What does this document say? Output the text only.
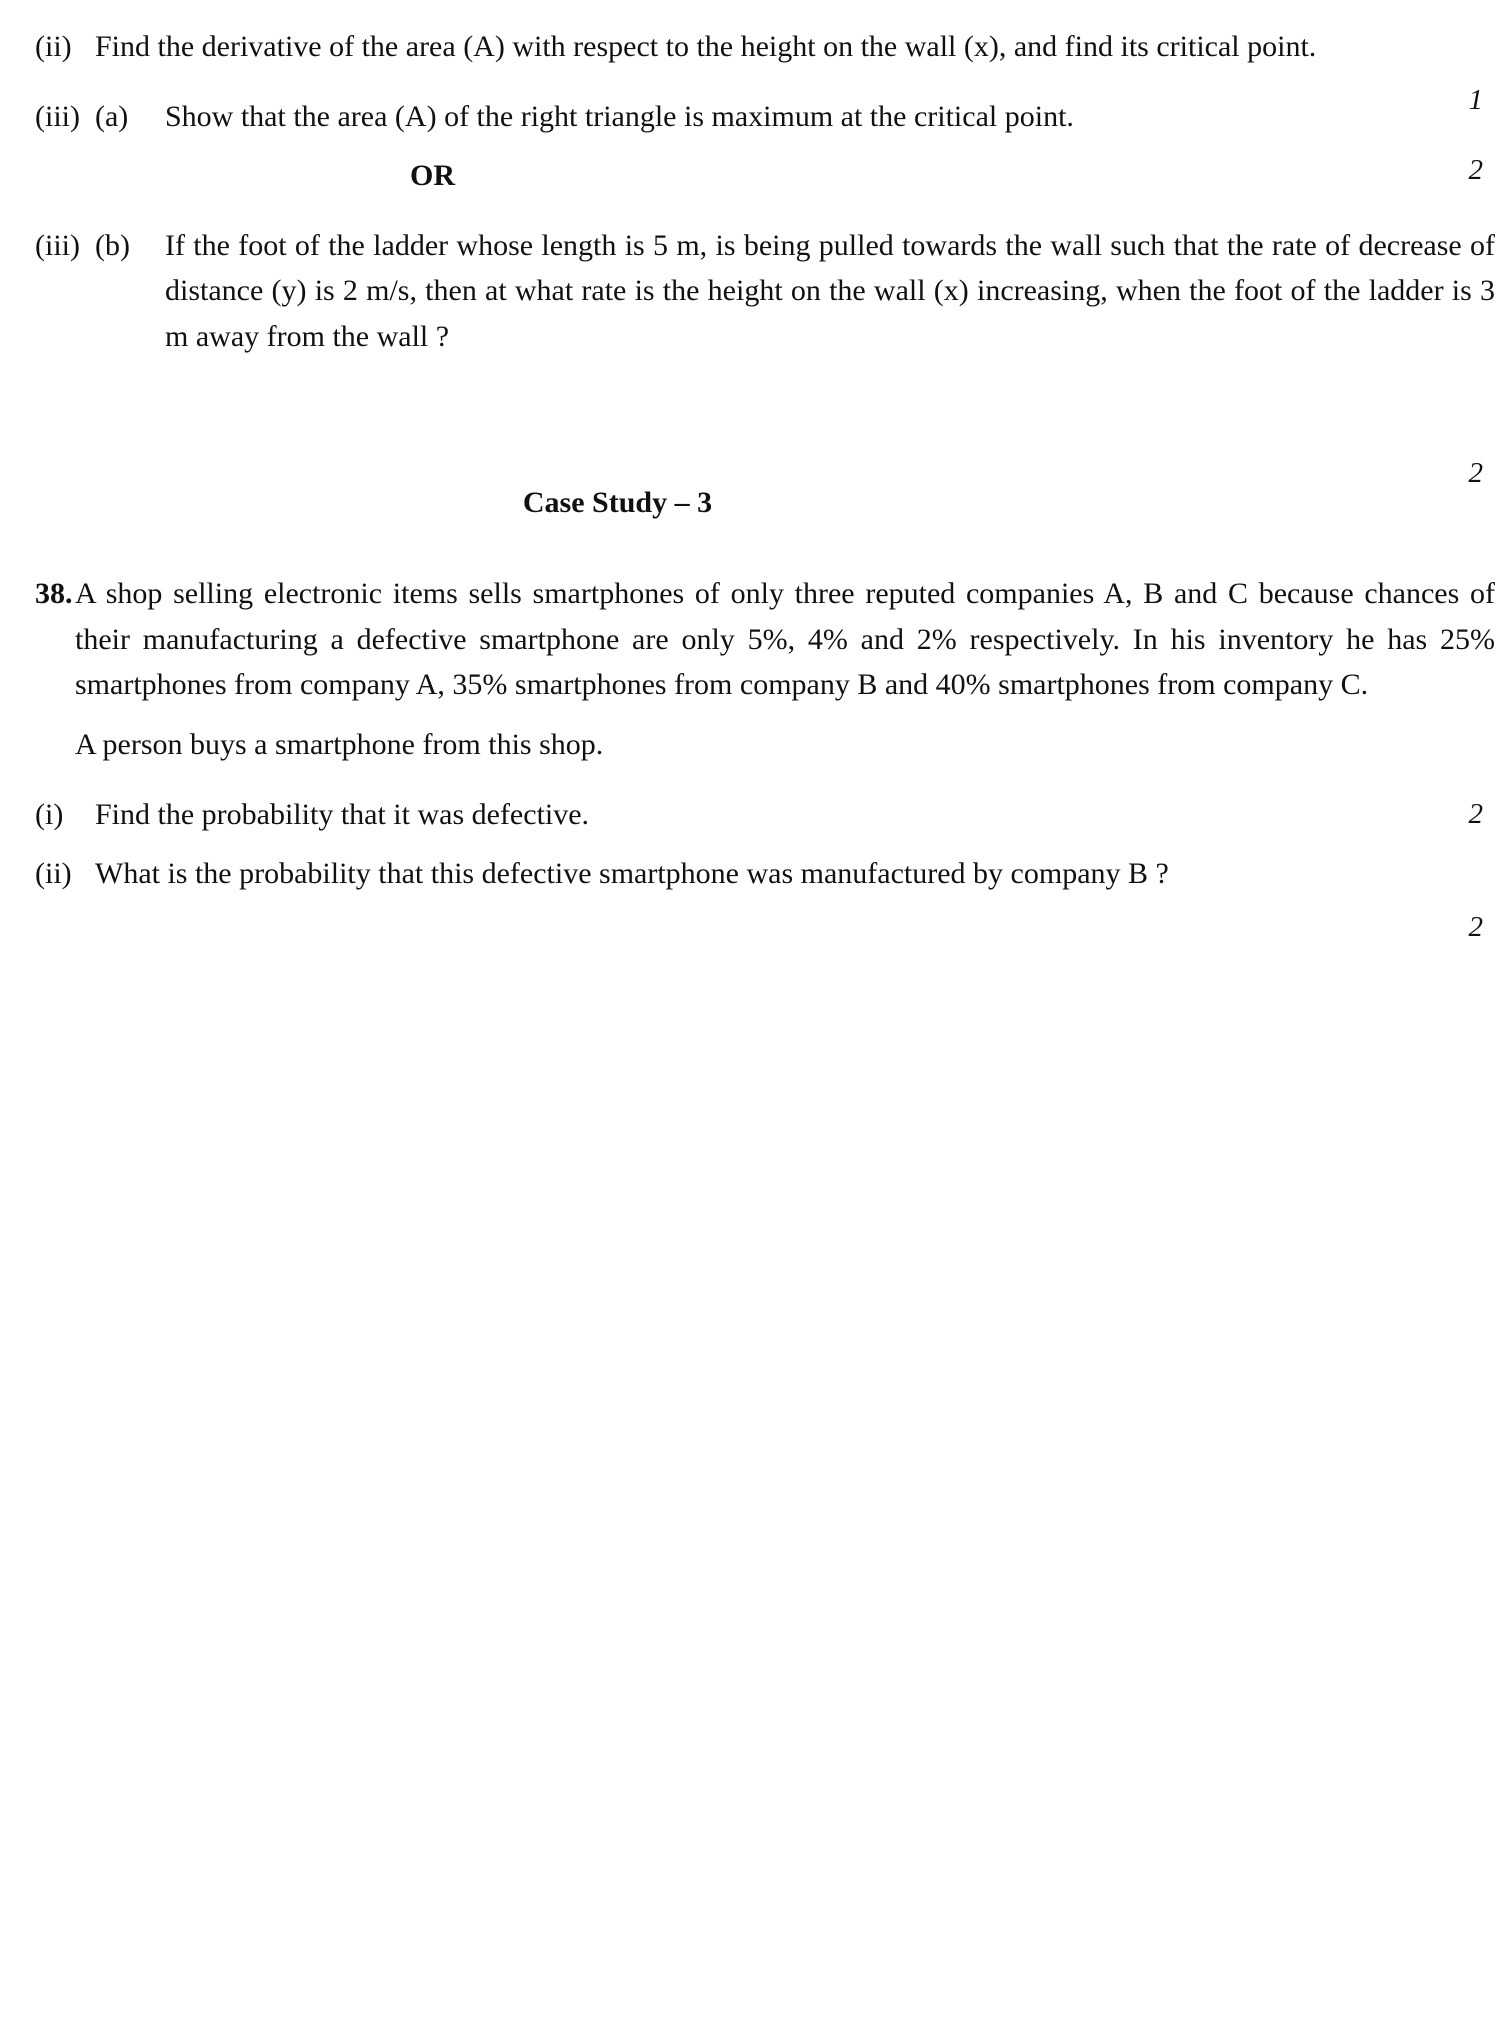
(ii) Find the derivative of the area (A) with respect to the height on the wall (x), and find its critical point.
1
(iii) (a)	Show that the area (A) of the right triangle is maximum at the critical point.
2
OR
(iii) (b)	If the foot of the ladder whose length is 5 m, is being pulled towards the wall such that the rate of decrease of distance (y) is 2 m/s, then at what rate is the height on the wall (x) increasing, when the foot of the ladder is 3 m away from the wall ?
2
Case Study – 3
38. A shop selling electronic items sells smartphones of only three reputed companies A, B and C because chances of their manufacturing a defective smartphone are only 5%, 4% and 2% respectively. In his inventory he has 25% smartphones from company A, 35% smartphones from company B and 40% smartphones from company C.
A person buys a smartphone from this shop.
(i)	Find the probability that it was defective.	2
(ii) What is the probability that this defective smartphone was manufactured by company B ?
2
